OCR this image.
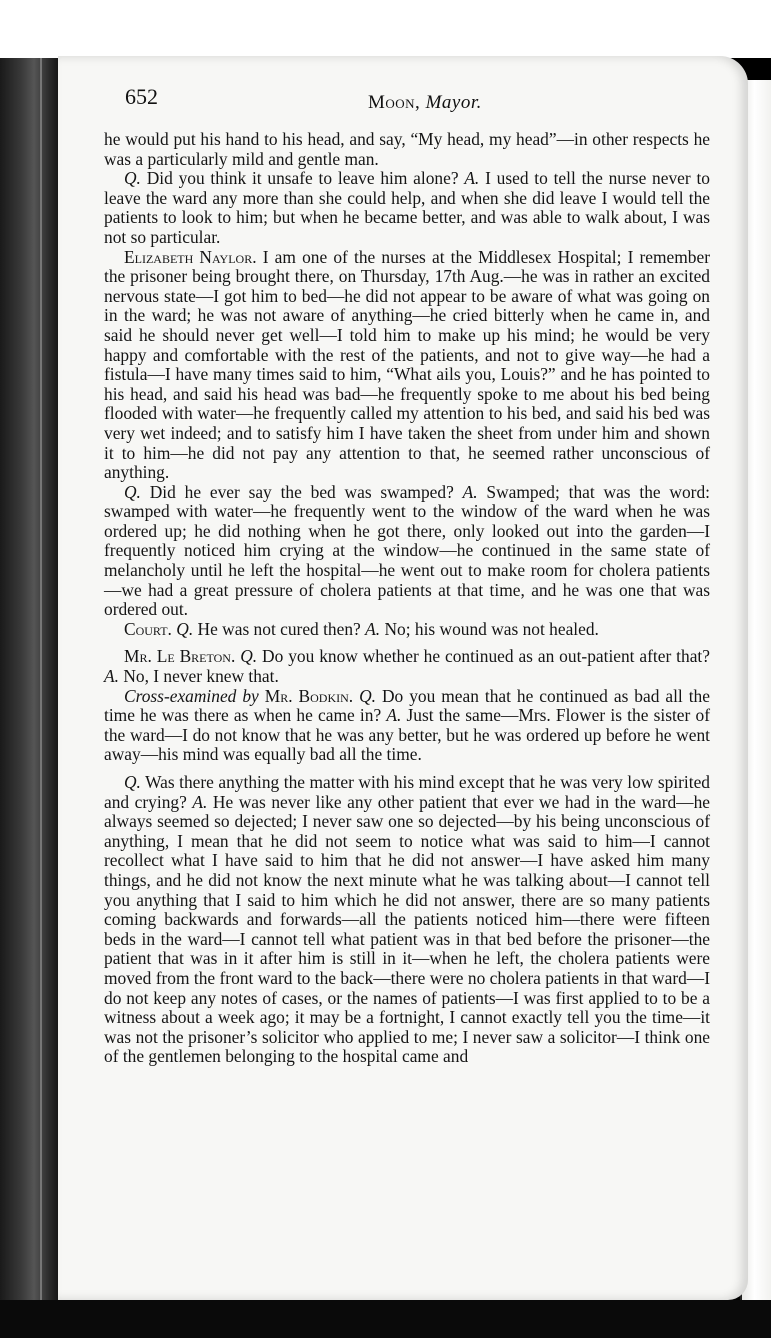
652	Moon, Mayor.

he would put his hand to his head, and say, “My head, my head”—in other respects he was a particularly mild and gentle man.

Q. Did you think it unsafe to leave him alone? A. I used to tell the nurse never to leave the ward any more than she could help, and when she did leave I would tell the patients to look to him; but when he became better, and was able to walk about, I was not so particular.

Elizabeth Naylor. I am one of the nurses at the Middlesex Hospital; I remember the prisoner being brought there, on Thursday, 17th Aug.—he was in rather an excited nervous state—I got him to bed—he did not appear to be aware of what was going on in the ward; he was not aware of anything—he cried bitterly when he came in, and said he should never get well—I told him to make up his mind; he would be very happy and comfortable with the rest of the patients, and not to give way—he had a fistula—I have many times said to him, “What ails you, Louis?” and he has pointed to his head, and said his head was bad—he frequently spoke to me about his bed being flooded with water—he frequently called my attention to his bed, and said his bed was very wet indeed; and to satisfy him I have taken the sheet from under him and shown it to him—he did not pay any attention to that, he seemed rather unconscious of anything.

Q. Did he ever say the bed was swamped? A. Swamped; that was the word: swamped with water—he frequently went to the window of the ward when he was ordered up; he did nothing when he got there, only looked out into the garden—I frequently noticed him crying at the window—he continued in the same state of melancholy until he left the hospital—he went out to make room for cholera patients—we had a great pressure of cholera patients at that time, and he was one that was ordered out.

Court. Q. He was not cured then? A. No; his wound was not healed.

Mr. Le Breton. Q. Do you know whether he continued as an out-patient after that? A. No, I never knew that.

Cross-examined by Mr. Bodkin. Q. Do you mean that he continued as bad all the time he was there as when he came in? A. Just the same—Mrs. Flower is the sister of the ward—I do not know that he was any better, but he was ordered up before he went away—his mind was equally bad all the time.

Q. Was there anything the matter with his mind except that he was very low spirited and crying? A. He was never like any other patient that ever we had in the ward—he always seemed so dejected; I never saw one so dejected—by his being unconscious of anything, I mean that he did not seem to notice what was said to him—I cannot recollect what I have said to him that he did not answer—I have asked him many things, and he did not know the next minute what he was talking about—I cannot tell you anything that I said to him which he did not answer, there are so many patients coming backwards and forwards—all the patients noticed him—there were fifteen beds in the ward—I cannot tell what patient was in that bed before the prisoner—the patient that was in it after him is still in it—when he left, the cholera patients were moved from the front ward to the back—there were no cholera patients in that ward—I do not keep any notes of cases, or the names of patients—I was first applied to to be a witness about a week ago; it may be a fortnight, I cannot exactly tell you the time—it was not the prisoner’s solicitor who applied to me; I never saw a solicitor—I think one of the gentlemen belonging to the hospital came and
